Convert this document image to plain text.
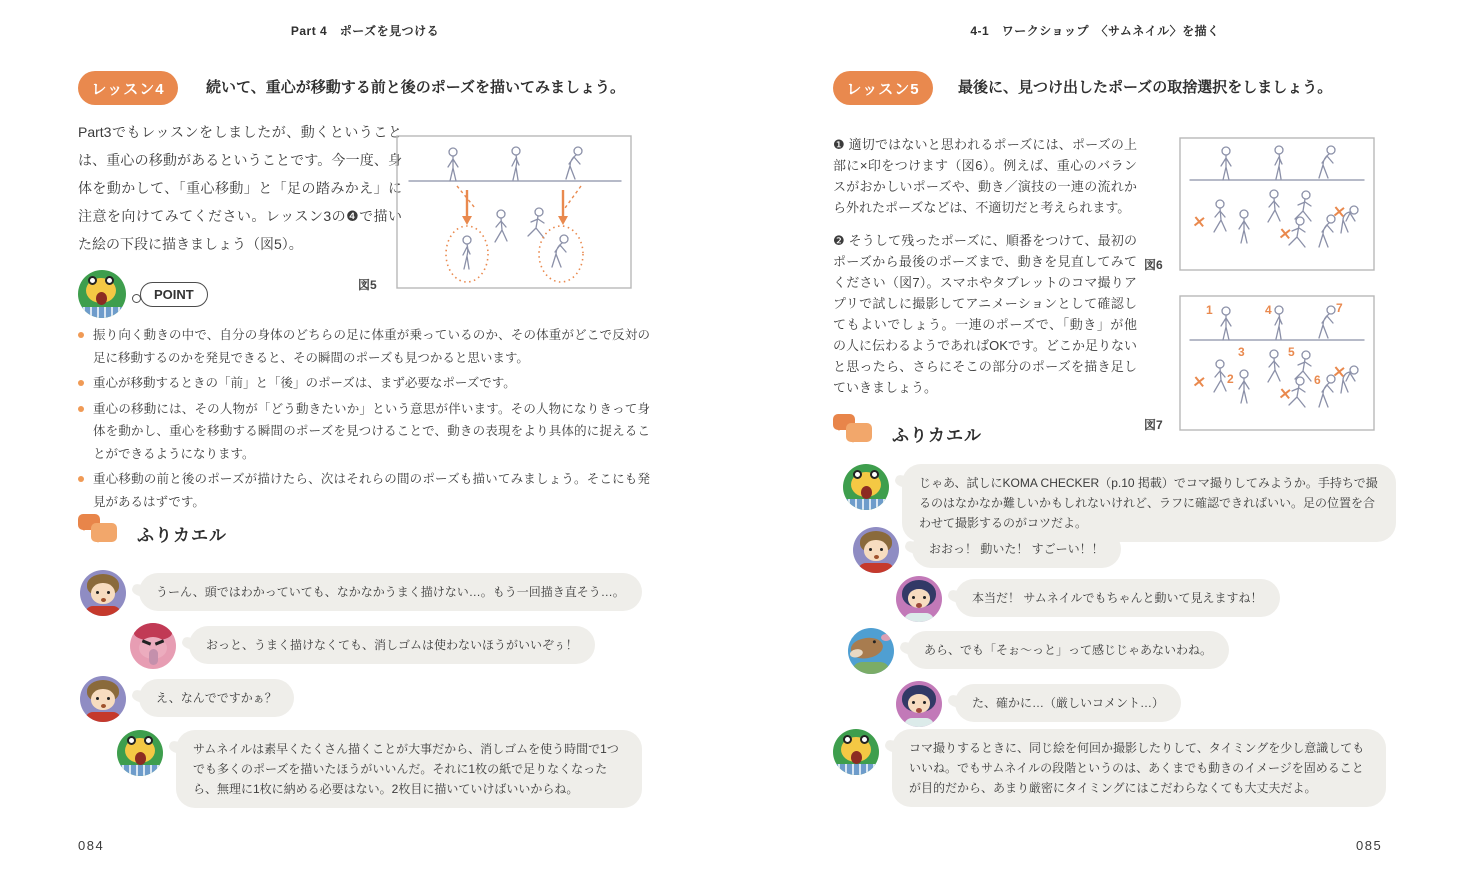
Part 4　ポーズを見つける
レッスン4	続いて、重心が移動する前と後のポーズを描いてみましょう。

Part3でもレッスンをしましたが、動くということは、重心の移動があるということです。今一度、身体を動かして、「重心移動」と「足の踏みかえ」に注意を向けてみてください。レッスン3の❹で描いた絵の下段に描きましょう（図5）。

図5
POINT
振り向く動きの中で、自分の身体のどちらの足に体重が乗っているのか、その体重がどこで反対の足に移動するのかを発見できると、その瞬間のポーズも見つかると思います。
重心が移動するときの「前」と「後」のポーズは、まず必要なポーズです。
重心の移動には、その人物が「どう動きたいか」という意思が伴います。その人物になりきって身体を動かし、重心を移動する瞬間のポーズを見つけることで、動きの表現をより具体的に捉えることができるようになります。
重心移動の前と後のポーズが描けたら、次はそれらの間のポーズも描いてみましょう。そこにも発見があるはずです。
ふりカエル
うーん、頭ではわかっていても、なかなかうまく描けない…。もう一回描き直そう…。
おっと、うまく描けなくても、消しゴムは使わないほうがいいぞぅ！
え、なんでですかぁ？
サムネイルは素早くたくさん描くことが大事だから、消しゴムを使う時間で1つでも多くのポーズを描いたほうがいいんだ。それに1枚の紙で足りなくなったら、無理に1枚に納める必要はない。2枚目に描いていけばいいからね。
084
4-1　ワークショップ　〈サムネイル〉を描く
レッスン5	最後に、見つけ出したポーズの取捨選択をしましょう。

❶ 適切ではないと思われるポーズには、ポーズの上部に×印をつけます（図6）。例えば、重心のバランスがおかしいポーズや、動き／演技の一連の流れから外れたポーズなどは、不適切だと考えられます。

❷ そうして残ったポーズに、順番をつけて、最初のポーズから最後のポーズまで、動きを見直してみてください（図7）。スマホやタブレットのコマ撮りアプリで試しに撮影してアニメーションとして確認してもよいでしょう。一連のポーズで、「動き」が他の人に伝わるようであればOKです。どこか足りないと思ったら、さらにそこの部分のポーズを描き足していきましょう。

×
×
×
図6
1	4	7
3	5
2	6
×
×
×
図7
ふりカエル
じゃあ、試しにKOMA CHECKER（p.10 掲載）でコマ撮りしてみようか。手持ちで撮るのはなかなか難しいかもしれないけれど、ラフに確認できればいい。足の位置を合わせて撮影するのがコツだよ。
おおっ！ 動いた！ すごーい！！
本当だ！ サムネイルでもちゃんと動いて見えますね！
あら、でも「そぉ～っと」って感じじゃあないわね。
た、確かに…（厳しいコメント…）
コマ撮りするときに、同じ絵を何回か撮影したりして、タイミングを少し意識してもいいね。でもサムネイルの段階というのは、あくまでも動きのイメージを固めることが目的だから、あまり厳密にタイミングにはこだわらなくても大丈夫だよ。
085
